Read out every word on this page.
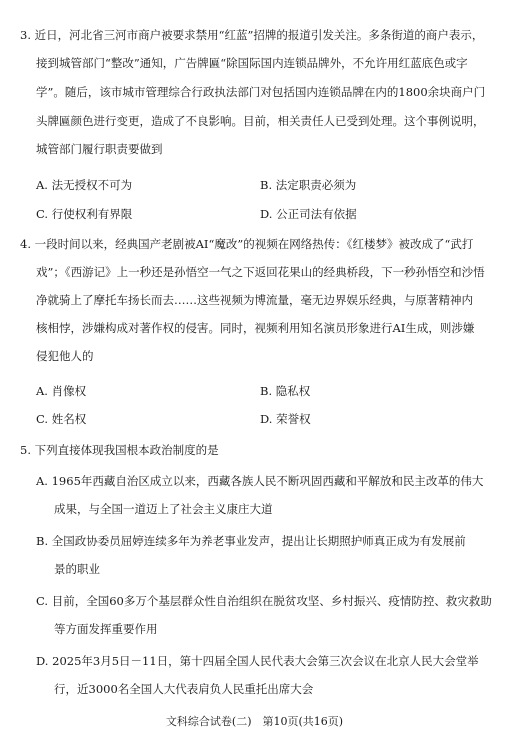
3. 近日，河北省三河市商户被要求禁用“红蓝”招牌的报道引发关注。多条街道的商户表示，
接到城管部门“整改”通知，广告牌匾“除国际国内连锁品牌外，不允许用红蓝底色或字
学”。随后，该市城市管理综合行政执法部门对包括国内连锁品牌在内的1800余块商户门
头牌匾颜色进行变更，造成了不良影响。目前，相关责任人已受到处理。这个事例说明，
城管部门履行职责要做到
A. 法无授权不可为	B. 法定职责必须为
C. 行使权利有界限	D. 公正司法有依据
4. 一段时间以来，经典国产老剧被AI“魔改”的视频在网络热传：《红楼梦》被改成了“武打
戏”；《西游记》上一秒还是孙悟空一气之下返回花果山的经典桥段，下一秒孙悟空和沙悟
净就骑上了摩托车扬长而去……这些视频为博流量，毫无边界娱乐经典，与原著精神内
核相悖，涉嫌构成对著作权的侵害。同时，视频利用知名演员形象进行AI生成，则涉嫌
侵犯他人的
A. 肖像权	B. 隐私权
C. 姓名权	D. 荣誉权
5. 下列直接体现我国根本政治制度的是
A. 1965年西藏自治区成立以来，西藏各族人民不断巩固西藏和平解放和民主改革的伟大
成果，与全国一道迈上了社会主义康庄大道
B. 全国政协委员屈婷连续多年为养老事业发声，提出让长期照护师真正成为有发展前
景的职业
C. 目前，全国60多万个基层群众性自治组织在脱贫攻坚、乡村振兴、疫情防控、救灾救助
等方面发挥重要作用
D. 2025年3月5日－11日，第十四届全国人民代表大会第三次会议在北京人民大会堂举
行，近3000名全国人大代表肩负人民重托出席大会
文科综合试卷(二)　第10页(共16页)
